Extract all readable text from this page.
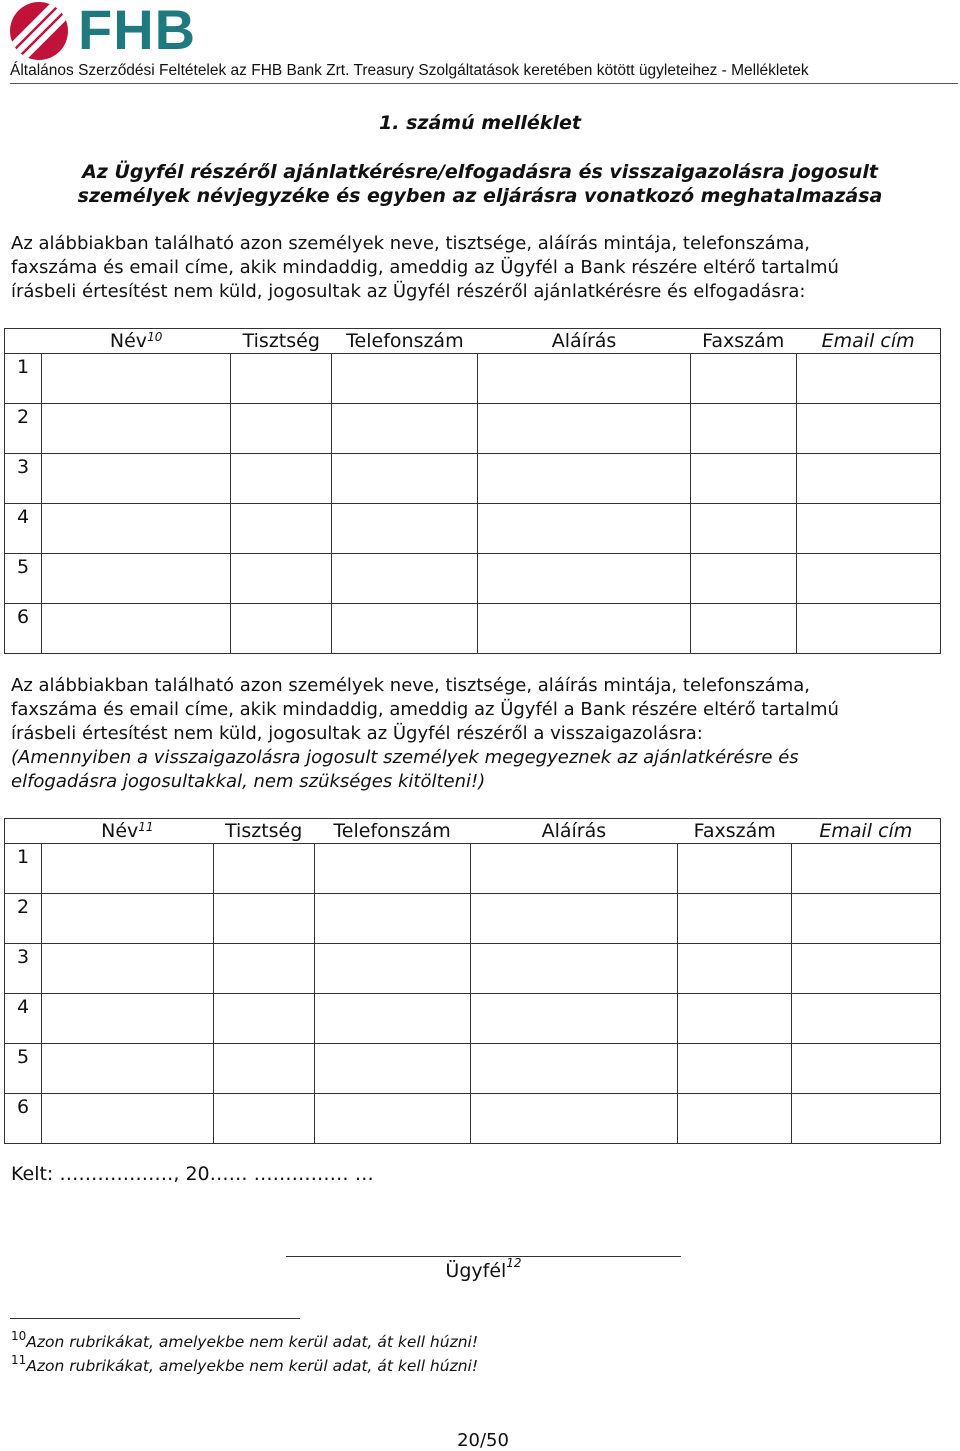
FHB
Általános Szerződési Feltételek az FHB Bank Zrt. Treasury Szolgáltatások keretében kötött ügyleteihez - Mellékletek
1. számú melléklet
Az Ügyfél részéről ajánlatkérésre/elfogadásra és visszaigazolásra jogosult
személyek névjegyzéke és egyben az eljárásra vonatkozó meghatalmazása
Az alábbiakban található azon személyek neve, tisztsége, aláírás mintája, telefonszáma,
faxszáma és email címe, akik mindaddig, ameddig az Ügyfél a Bank részére eltérő tartalmú
írásbeli értesítést nem küld, jogosultak az Ügyfél részéről ajánlatkérésre és elfogadásra:
	Név$^{10}$	Tisztség	Telefonszám	Aláírás	Faxszám	Email cím
1						
2						
3						
4						
5						
6						
Az alábbiakban található azon személyek neve, tisztsége, aláírás mintája, telefonszáma,
faxszáma és email címe, akik mindaddig, ameddig az Ügyfél a Bank részére eltérő tartalmú
írásbeli értesítést nem küld, jogosultak az Ügyfél részéről a visszaigazolásra:
(Amennyiben a visszaigazolásra jogosult személyek megegyeznek az ajánlatkérésre és
elfogadásra jogosultakkal, nem szükséges kitölteni!)
	Név$^{11}$	Tisztség	Telefonszám	Aláírás	Faxszám	Email cím
1						
2						
3						
4						
5						
6						
Kelt: ………………, 20…… …………… …
Ügyfél$^{12}$
$^{10}$Azon rubrikákat, amelyekbe nem kerül adat, át kell húzni!
$^{11}$Azon rubrikákat, amelyekbe nem kerül adat, át kell húzni!
20/50
